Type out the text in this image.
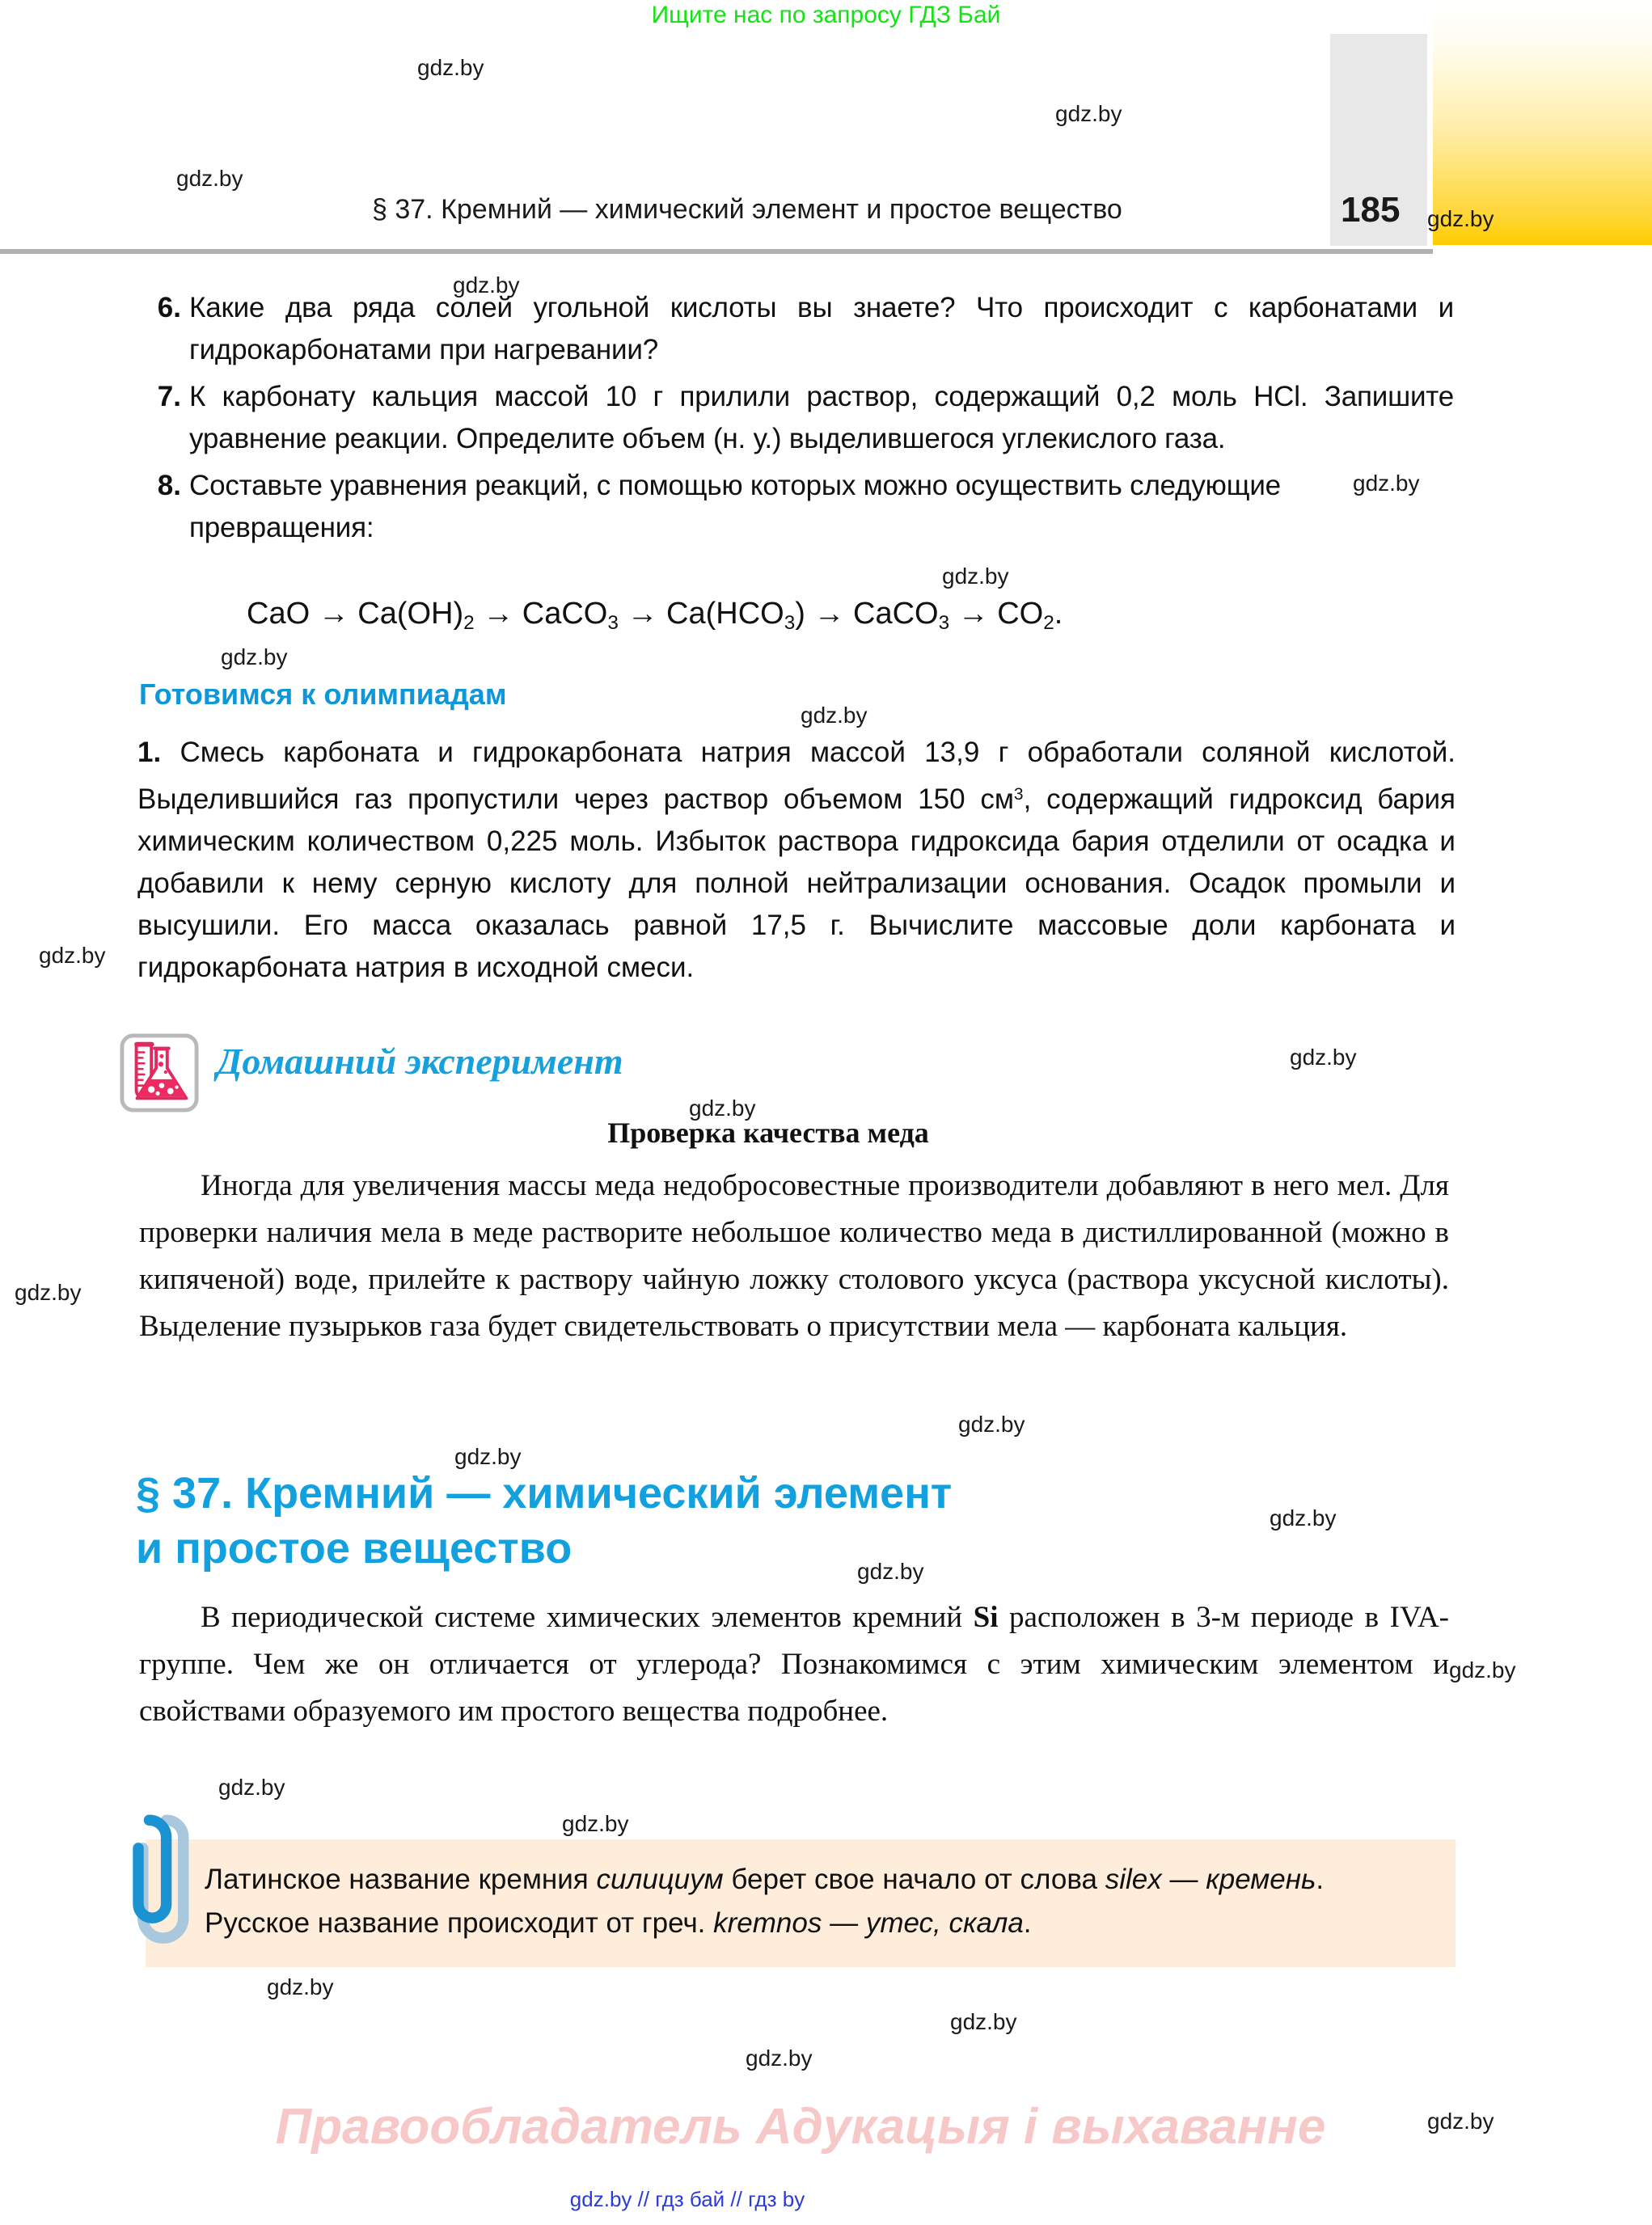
Ищите нас по запросу ГДЗ Бай
185
§ 37. Кремний — химический элемент и простое вещество
6. Какие два ряда солей угольной кислоты вы знаете? Что происходит с карбонатами и гидрокарбонатами при нагревании?
7. К карбонату кальция массой 10 г прилили раствор, содержащий 0,2 моль HCl. Запишите уравнение реакции. Определите объем (н. у.) выделившегося углекислого газа.
8. Составьте уравнения реакций, с помощью которых можно осуществить следующие превращения:
CaO → $Ca(OH)_2$ → CaCO$_3$ → $Ca(HCO_3)$ → CaCO$_3$ → $CO_2$.
Готовимся к олимпиадам
1. Смесь карбоната и гидрокарбоната натрия массой 13,9 г обработали соляной кислотой. Выделившийся газ пропустили через раствор объемом 150 $см^3$, содержащий гидроксид бария химическим количеством 0,225 моль. Избыток раствора гидроксида бария отделили от осадка и добавили к нему серную кислоту для полной нейтрализации основания. Осадок промыли и высушили. Его масса оказалась равной 17,5 г. Вычислите массовые доли карбоната и гидрокарбоната натрия в исходной смеси.
Домашний эксперимент
Проверка качества меда
Иногда для увеличения массы меда недобросовестные производители добавляют в него мел. Для проверки наличия мела в меде растворите небольшое количество меда в дистиллированной (можно в кипяченой) воде, прилейте к раствору чайную ложку столового уксуса (раствора уксусной кислоты). Выделение пузырьков газа будет свидетельствовать о присутствии мела — карбоната кальция.
§ 37. Кремний — химический элемент
и простое вещество
В периодической системе химических элементов кремний Si расположен в 3-м периоде в IVA-группе. Чем же он отличается от углерода? Познакомимся с этим химическим элементом и свойствами образуемого им простого вещества подробнее.
Латинское название кремния силициум берет свое начало от слова silex — кремень. Русское название происходит от греч. kremnos — утес, скала.
Правообладатель Адукацыя і выхаванне
gdz.by // гдз бай // гдз by
gdz.by
gdz.by
gdz.by
gdz.by
gdz.by
gdz.by
gdz.by
gdz.by
gdz.by
gdz.by
gdz.by
gdz.by
gdz.by
gdz.by
gdz.by
gdz.by
gdz.by
gdz.by
gdz.by
gdz.by
gdz.by
gdz.by
gdz.by
gdz.by
